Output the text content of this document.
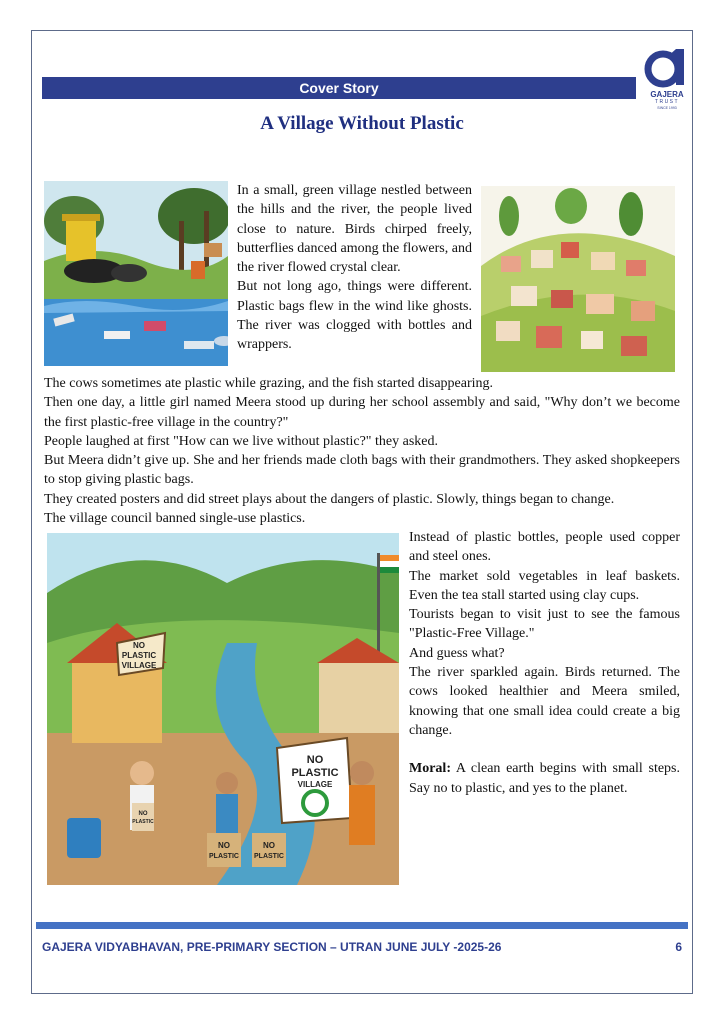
Cover Story	GAJERA
TRUST
SINCE 1993
A Village Without Plastic

In a small, green village nestled between the hills and the river, the people lived close to nature. Birds chirped freely, butterflies danced among the flowers, and the river flowed crystal clear.

But not long ago, things were different. Plastic bags flew in the wind like ghosts. The river was clogged with bottles and wrappers.

The cows sometimes ate plastic while grazing, and the fish started disappearing.

Then one day, a little girl named Meera stood up during her school assembly and said, "Why don’t we become the first plastic-free village in the country?"

People laughed at first "How can we live without plastic?" they asked.

But Meera didn’t give up. She and her friends made cloth bags with their grandmothers. They asked shopkeepers to stop giving plastic bags.

They created posters and did street plays about the dangers of plastic. Slowly, things began to change.

The village council banned single-use plastics.

NO
PLASTIC
VILLAGE
NO
PLASTIC
VILLAGE
NO
PLASTIC
NO
PLASTIC
NO
PLASTIC

Instead of plastic bottles, people used copper and steel ones.

The market sold vegetables in leaf baskets. Even the tea stall started using clay cups.

Tourists began to visit just to see the famous "Plastic-Free Village."

And guess what?

The river sparkled again. Birds returned. The cows looked healthier and Meera smiled, knowing that one small idea could create a big change.

Moral: A clean earth begins with small steps. Say no to plastic, and yes to the planet.

GAJERA VIDYABHAVAN, PRE-PRIMARY SECTION – UTRAN JUNE JULY -2025-26	6
